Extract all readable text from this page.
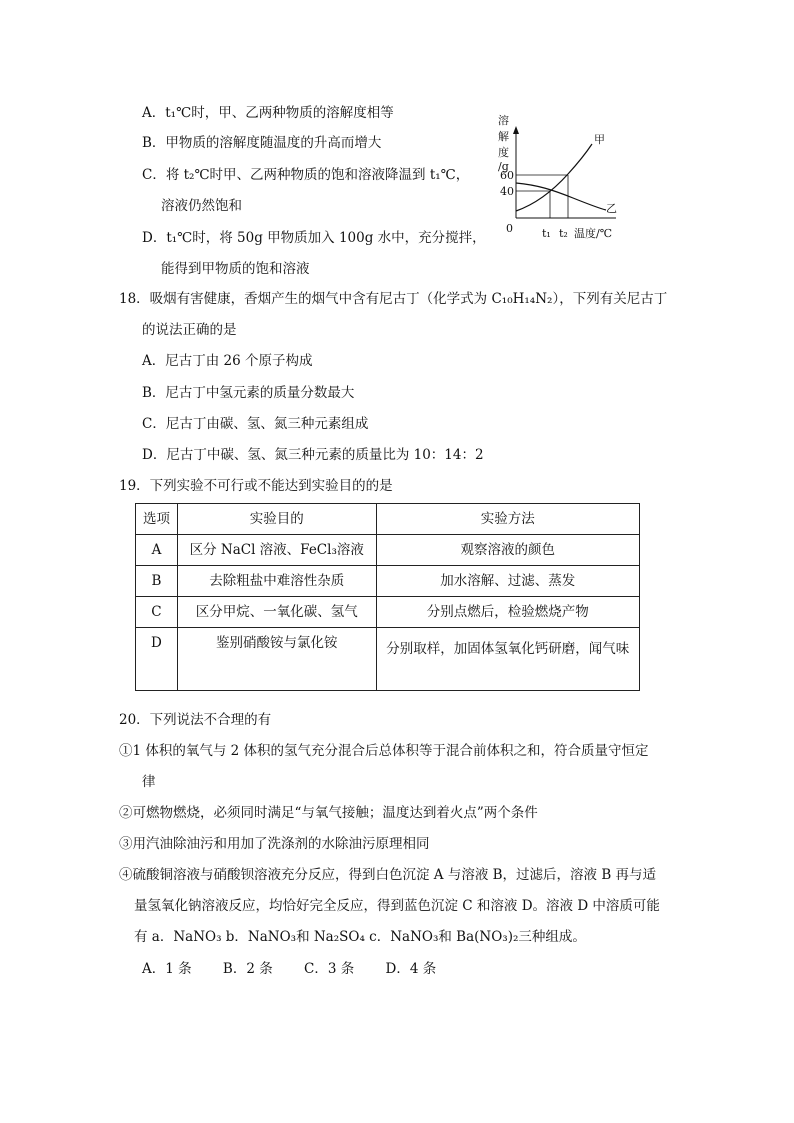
A．t₁℃时，甲、乙两种物质的溶解度相等
B．甲物质的溶解度随温度的升高而增大
C．将 t₂℃时甲、乙两种物质的饱和溶液降温到 t₁℃，
溶液仍然饱和
D．t₁℃时，将 50g 甲物质加入 100g 水中，充分搅拌，
能得到甲物质的饱和溶液
溶
解
度
/g
60
40
0	t₁ t₂ 温度/℃
甲
乙
18．吸烟有害健康，香烟产生的烟气中含有尼古丁（化学式为 C₁₀H₁₄N₂），下列有关尼古丁
的说法正确的是
A．尼古丁由 26 个原子构成
B．尼古丁中氢元素的质量分数最大
C．尼古丁由碳、氢、氮三种元素组成
D．尼古丁中碳、氢、氮三种元素的质量比为 10：14：2
19．下列实验不可行或不能达到实验目的的是
选项	实验目的	实验方法
A	区分 NaCl 溶液、FeCl₃溶液	观察溶液的颜色
B	去除粗盐中难溶性杂质	加水溶解、过滤、蒸发
C	区分甲烷、一氧化碳、氢气	分别点燃后，检验燃烧产物
D	鉴别硝酸铵与氯化铵	分别取样，加固体氢氧化钙研磨，闻气味
20．下列说法不合理的有
①1 体积的氧气与 2 体积的氢气充分混合后总体积等于混合前体积之和，符合质量守恒定
律
②可燃物燃烧，必须同时满足“与氧气接触；温度达到着火点”两个条件
③用汽油除油污和用加了洗涤剂的水除油污原理相同
④硫酸铜溶液与硝酸钡溶液充分反应，得到白色沉淀 A 与溶液 B，过滤后，溶液 B 再与适
量氢氧化钠溶液反应，均恰好完全反应，得到蓝色沉淀 C 和溶液 D。溶液 D 中溶质可能
有 a．NaNO₃ b．NaNO₃和 Na₂SO₄ c．NaNO₃和 Ba(NO₃)₂三种组成。
A．1 条　　 B．2 条　　 C．3 条　　 D．4 条
